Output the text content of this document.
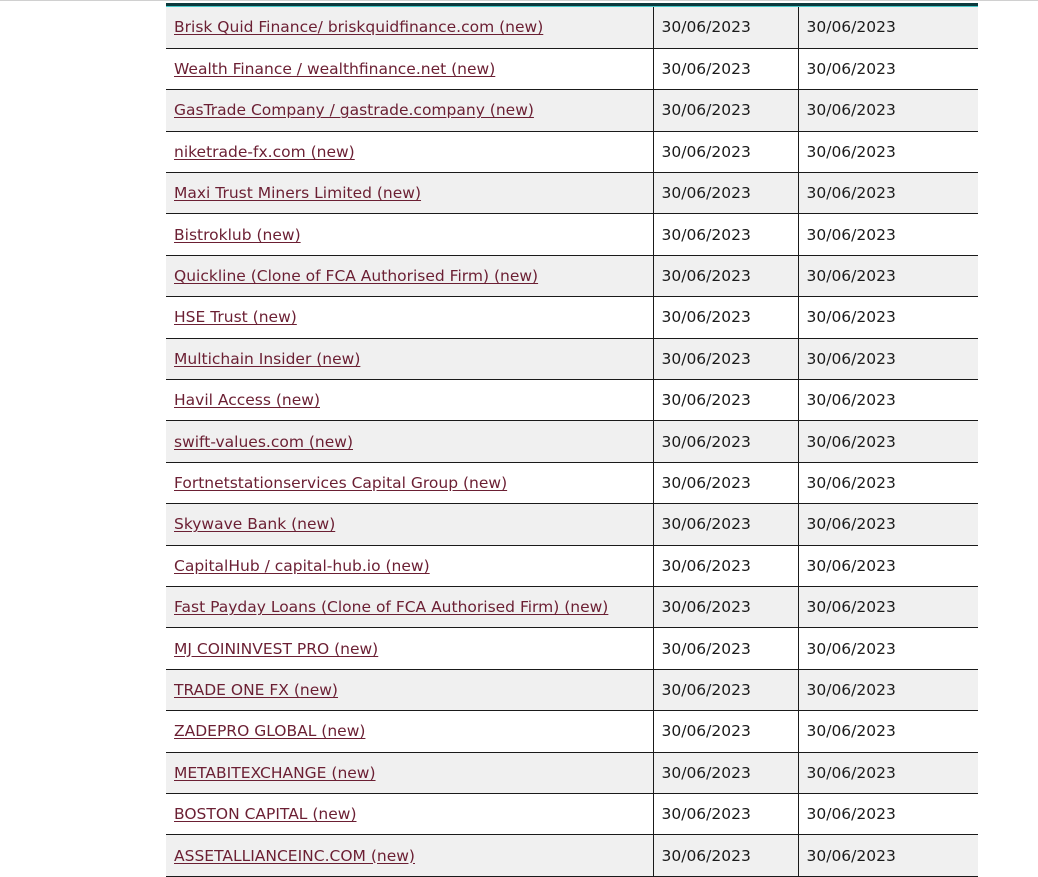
Brisk Quid Finance/ briskquidfinance.com (new)	30/06/2023	30/06/2023
Wealth Finance / wealthfinance.net (new)	30/06/2023	30/06/2023
GasTrade Company / gastrade.company (new)	30/06/2023	30/06/2023
niketrade-fx.com (new)	30/06/2023	30/06/2023
Maxi Trust Miners Limited (new)	30/06/2023	30/06/2023
Bistroklub (new)	30/06/2023	30/06/2023
Quickline (Clone of FCA Authorised Firm) (new)	30/06/2023	30/06/2023
HSE Trust (new)	30/06/2023	30/06/2023
Multichain Insider (new)	30/06/2023	30/06/2023
Havil Access (new)	30/06/2023	30/06/2023
swift-values.com (new)	30/06/2023	30/06/2023
Fortnetstationservices Capital Group (new)	30/06/2023	30/06/2023
Skywave Bank (new)	30/06/2023	30/06/2023
CapitalHub / capital-hub.io (new)	30/06/2023	30/06/2023
Fast Payday Loans (Clone of FCA Authorised Firm) (new)	30/06/2023	30/06/2023
MJ COININVEST PRO (new)	30/06/2023	30/06/2023
TRADE ONE FX (new)	30/06/2023	30/06/2023
ZADEPRO GLOBAL (new)	30/06/2023	30/06/2023
METABITEXCHANGE (new)	30/06/2023	30/06/2023
BOSTON CAPITAL (new)	30/06/2023	30/06/2023
ASSETALLIANCEINC.COM (new)	30/06/2023	30/06/2023
